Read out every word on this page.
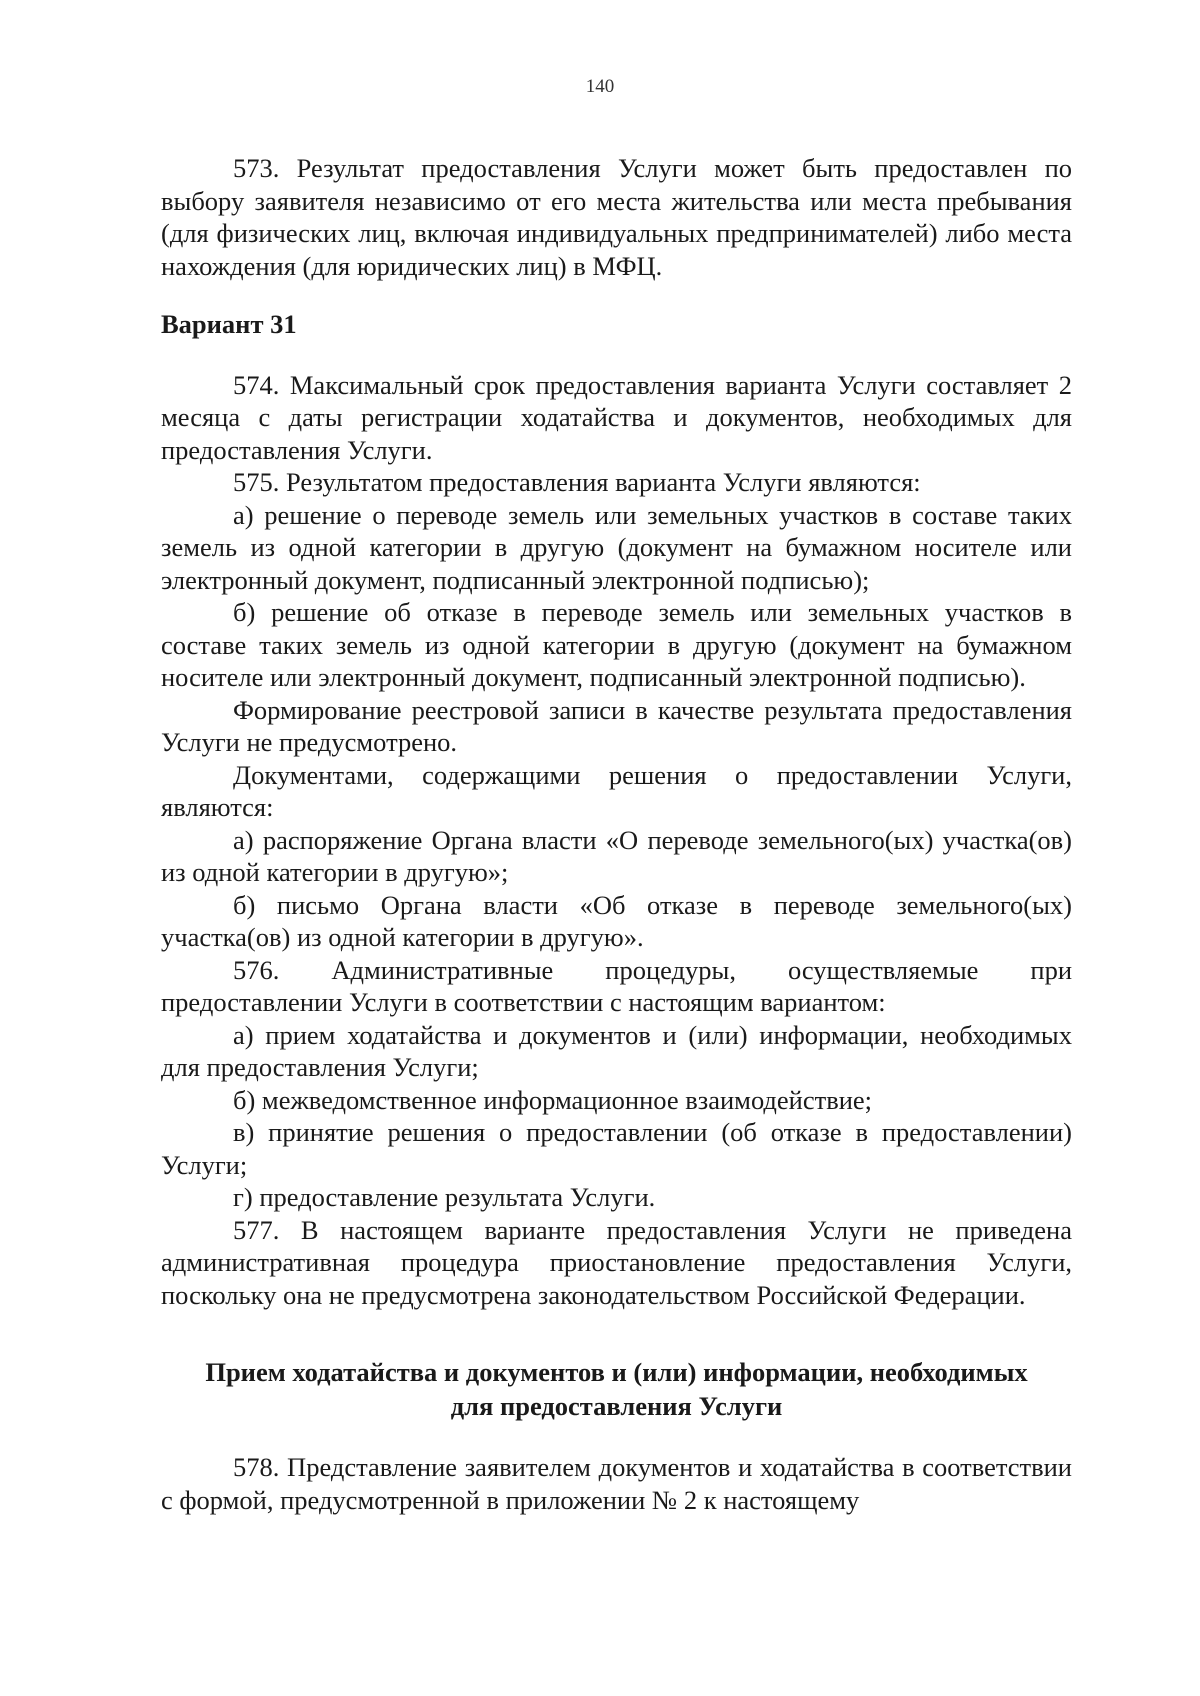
140

573. Результат предоставления Услуги может быть предоставлен по выбору заявителя независимо от его места жительства или места пребывания (для физических лиц, включая индивидуальных предпринимателей) либо места нахождения (для юридических лиц) в МФЦ.

Вариант 31

574. Максимальный срок предоставления варианта Услуги составляет 2 месяца с даты регистрации ходатайства и документов, необходимых для предоставления Услуги.

575. Результатом предоставления варианта Услуги являются:

а) решение о переводе земель или земельных участков в составе таких земель из одной категории в другую (документ на бумажном носителе или электронный документ, подписанный электронной подписью);

б) решение об отказе в переводе земель или земельных участков в составе таких земель из одной категории в другую (документ на бумажном носителе или электронный документ, подписанный электронной подписью).

Формирование реестровой записи в качестве результата предоставления Услуги не предусмотрено.

Документами, содержащими решения о предоставлении Услуги, являются:

а) распоряжение Органа власти «О переводе земельного(ых) участка(ов) из одной категории в другую»;

б) письмо Органа власти «Об отказе в переводе земельного(ых) участка(ов) из одной категории в другую».

576. Административные процедуры, осуществляемые при предоставлении Услуги в соответствии с настоящим вариантом:

а) прием ходатайства и документов и (или) информации, необходимых для предоставления Услуги;

б) межведомственное информационное взаимодействие;

в) принятие решения о предоставлении (об отказе в предоставлении) Услуги;

г) предоставление результата Услуги.

577. В настоящем варианте предоставления Услуги не приведена административная процедура приостановление предоставления Услуги, поскольку она не предусмотрена законодательством Российской Федерации.

Прием ходатайства и документов и (или) информации, необходимых
для предоставления Услуги

578. Представление заявителем документов и ходатайства в соответствии с формой, предусмотренной в приложении № 2 к настоящему
